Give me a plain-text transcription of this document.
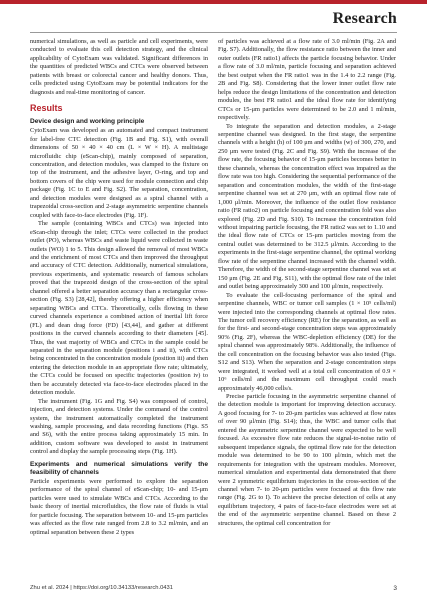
Research

numerical simulations, as well as particle and cell experiments, were conducted to evaluate this cell detection strategy, and the clinical applicability of CytoExam was validated. Significant differences in the quantities of predicted WBCs and CTCs were observed between patients with breast or colorectal cancer and healthy donors. Thus, cells predicted using CytoExam may be potential indicators for the diagnosis and real-time monitoring of cancer.

Results
Device design and working principle

CytoExam was developed as an automated and compact instrument for label-free CTC detection (Fig. 1B and Fig. S1), with overall dimensions of 50 × 40 × 40 cm (L × W × H). A multistage microfluidic chip (eScan-chip), mainly composed of separation, concentration, and detection modules, was clamped to the fixture on top of the instrument, and the adhesive layer, O-ring, and top and bottom covers of the chip were used for module connection and chip package (Fig. 1C to E and Fig. S2). The separation, concentration, and detection modules were designed as a spiral channel with a trapezoidal cross-section and 2-stage asymmetric serpentine channels coupled with face-to-face electrodes (Fig. 1F).

The sample (containing WBCs and CTCs) was injected into eScan-chip through the inlet; CTCs were collected in the product outlet (PO), whereas WBCs and waste liquid were collected in waste outlets (WO) 1 to 5. This design allowed the removal of most WBCs and the enrichment of most CTCs and then improved the throughput and accuracy of CTC detection. Additionally, numerical simulations, previous experiments, and systematic research of famous scholars proved that the trapezoid design of the cross-section of the spiral channel offered a better separation accuracy than a rectangular cross-section (Fig. S3) [28,42], thereby offering a higher efficiency when separating WBCs and CTCs. Theoretically, cells flowing in these curved channels experience a combined action of inertial lift force (FL) and dean drag force (FD) [43,44], and gather at different positions in the curved channels according to their diameters [45]. Thus, the vast majority of WBCs and CTCs in the sample could be separated in the separation module (positions i and ii), with CTCs being concentrated in the concentration module (position iii) and then entering the detection module in an appropriate flow rate; ultimately, the CTCs could be focused on specific trajectories (position iv) to then be accurately detected via face-to-face electrodes placed in the detection module.

The instrument (Fig. 1G and Fig. S4) was composed of control, injection, and detection systems. Under the command of the control system, the instrument automatically completed the instrument washing, sample processing, and data recording functions (Figs. S5 and S6), with the entire process taking approximately 15 min. In addition, custom software was developed to assist in instrument control and display the sample processing steps (Fig. 1H).

Experiments and numerical simulations verify the feasibility of channels

Particle experiments were performed to explore the separation performance of the spiral channel of eScan-chip; 10- and 15-μm particles were used to simulate WBCs and CTCs. According to the basic theory of inertial microfluidics, the flow rate of fluids is vital for particle focusing. The separation between 10- and 15-μm particles was affected as the flow rate ranged from 2.8 to 3.2 ml/min, and an optimal separation between these 2 types

of particles was achieved at a flow rate of 3.0 ml/min (Fig. 2A and Fig. S7). Additionally, the flow resistance ratio between the inner and outer outlets (FR ratio1) affects the particle focusing behavior. Under a flow rate of 3.0 ml/min, particle focusing and separation achieved the best output when the FR ratio1 was in the 1.4 to 2.2 range (Fig. 2B and Fig. S8). Considering that the lower inner outlet flow rate helps reduce the design limitations of the concentration and detection modules, the best FR ratio1 and the ideal flow rate for identifying CTCs or 15-μm particles were determined to be 2.0 and 1 ml/min, respectively.

To integrate the separation and detection modules, a 2-stage serpentine channel was designed. In the first stage, the serpentine channels with a height (h) of 100 μm and widths (w) of 300, 270, and 250 μm were tested (Fig. 2C and Fig. S9). With the increase of the flow rate, the focusing behavior of 15-μm particles becomes better in these channels, whereas the concentration effect was impaired as the flow rate was too high. Considering the sequential performance of the separation and concentration modules, the width of the first-stage serpentine channel was set at 270 μm, with an optimal flow rate of 1,000 μl/min. Moreover, the influence of the outlet flow resistance ratio (FR ratio2) on particle focusing and concentration fold was also explored (Fig. 2D and Fig. S10). To increase the concentration fold without impairing particle focusing, the FR ratio2 was set to 1.10 and the ideal flow rate of CTCs or 15-μm particles moving from the central outlet was determined to be 312.5 μl/min. According to the experiments in the first-stage serpentine channel, the optimal working flow rate of the serpentine channel increased with the channel width. Therefore, the width of the second-stage serpentine channel was set at 150 μm (Fig. 2E and Fig. S11), with the optimal flow rate of the inlet and outlet being approximately 300 and 100 μl/min, respectively.

To evaluate the cell-focusing performance of the spiral and serpentine channels, WBC or tumor cell samples (1 × 10⁵ cells/ml) were injected into the corresponding channels at optimal flow rates. The tumor cell recovery efficiency (RE) for the separation, as well as for the first- and second-stage concentration steps was approximately 90% (Fig. 2F), whereas the WBC-depletion efficiency (DE) for the spiral channel was approximately 98%. Additionally, the influence of the cell concentration on the focusing behavior was also tested (Figs. S12 and S13). When the separation and 2-stage concentration steps were integrated, it worked well at a total cell concentration of 0.9 × 10⁶ cells/ml and the maximum cell throughput could reach approximately 46,000 cells/s.

Precise particle focusing in the asymmetric serpentine channel of the detection module is important for improving detection accuracy. A good focusing for 7- to 20-μm particles was achieved at flow rates of over 90 μl/min (Fig. S14); thus, the WBC and tumor cells that entered the asymmetric serpentine channel were expected to be well focused. As excessive flow rate reduces the signal-to-noise ratio of subsequent impedance signals, the optimal flow rate for the detection module was determined to be 90 to 100 μl/min, which met the requirements for integration with the upstream modules. Moreover, numerical simulation and experimental data demonstrated that there were 2 symmetric equilibrium trajectories in the cross-section of the channel when 7- to 20-μm particles were focused at this flow rate range (Fig. 2G to I). To achieve the precise detection of cells at any equilibrium trajectory, 4 pairs of face-to-face electrodes were set at the end of the asymmetric serpentine channel. Based on these 2 structures, the optimal cell concentration for

Zhu et al. 2024 | https://doi.org/10.34133/research.0431	3
